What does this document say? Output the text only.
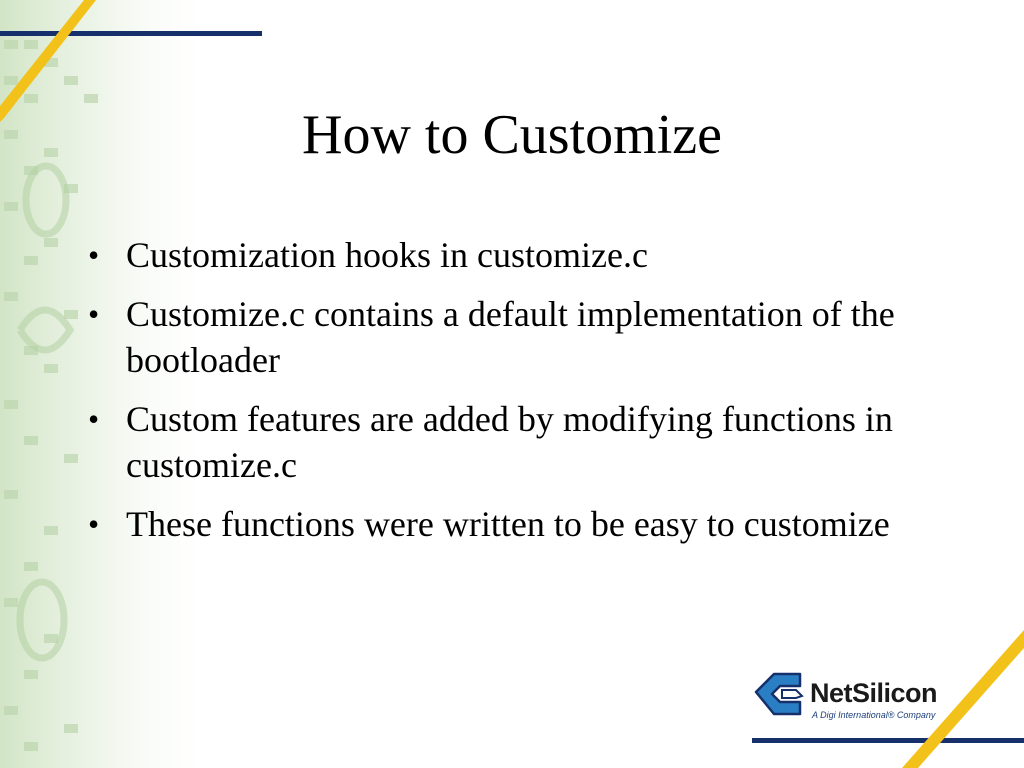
How to Customize
• Customization hooks in customize.c
• Customize.c contains a default implementation of the bootloader
• Custom features are added by modifying functions in customize.c
• These functions were written to be easy to customize
NetSilicon
A Digi International® Company
